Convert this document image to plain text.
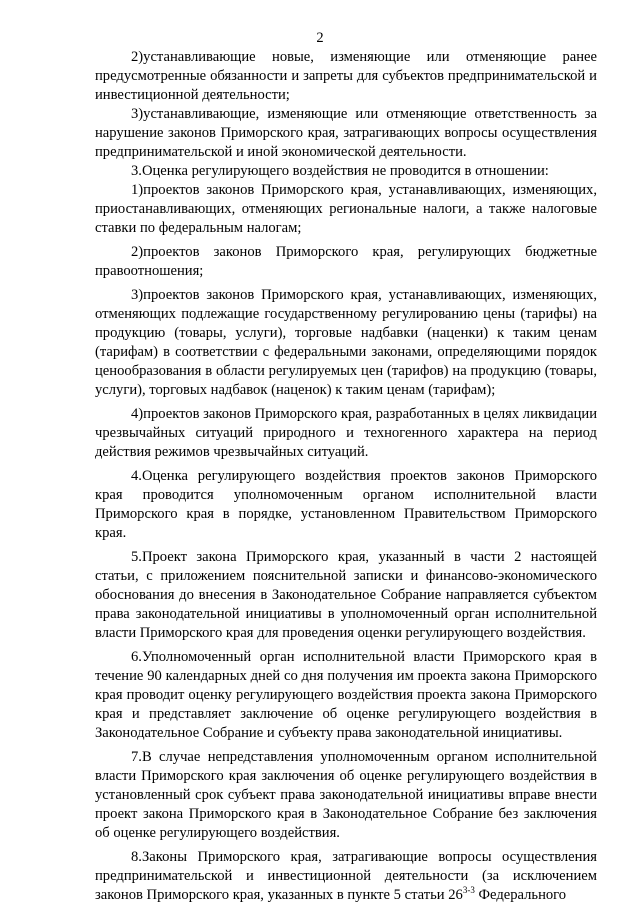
2

2)устанавливающие новые, изменяющие или отменяющие ранее предусмотренные обязанности и запреты для субъектов предпринимательской и инвестиционной деятельности;

3)устанавливающие, изменяющие или отменяющие ответственность за нарушение законов Приморского края, затрагивающих вопросы осуществления предпринимательской и иной экономической деятельности.

3.Оценка регулирующего воздействия не проводится в отношении:

1)проектов законов Приморского края, устанавливающих, изменяющих, приостанавливающих, отменяющих региональные налоги, а также налоговые ставки по федеральным налогам;

2)проектов законов Приморского края, регулирующих бюджетные правоотношения;

3)проектов законов Приморского края, устанавливающих, изменяющих, отменяющих подлежащие государственному регулированию цены (тарифы) на продукцию (товары, услуги), торговые надбавки (наценки) к таким ценам (тарифам) в соответствии с федеральными законами, определяющими порядок ценообразования в области регулируемых цен (тарифов) на продукцию (товары, услуги), торговых надбавок (наценок) к таким ценам (тарифам);

4)проектов законов Приморского края, разработанных в целях ликвидации чрезвычайных ситуаций природного и техногенного характера на период действия режимов чрезвычайных ситуаций.

4.Оценка регулирующего воздействия проектов законов Приморского края проводится уполномоченным органом исполнительной власти Приморского края в порядке, установленном Правительством Приморского края.

5.Проект закона Приморского края, указанный в части 2 настоящей статьи, с приложением пояснительной записки и финансово-экономического обоснования до внесения в Законодательное Собрание направляется субъектом права законодательной инициативы в уполномоченный орган исполнительной власти Приморского края для проведения оценки регулирующего воздействия.

6.Уполномоченный орган исполнительной власти Приморского края в течение 90 календарных дней со дня получения им проекта закона Приморского края проводит оценку регулирующего воздействия проекта закона Приморского края и представляет заключение об оценке регулирующего воздействия в Законодательное Собрание и субъекту права законодательной инициативы.

7.В случае непредставления уполномоченным органом исполнительной власти Приморского края заключения об оценке регулирующего воздействия в установленный срок субъект права законодательной инициативы вправе внести проект закона Приморского края в Законодательное Собрание без заключения об оценке регулирующего воздействия.

8.Законы Приморского края, затрагивающие вопросы осуществления предпринимательской и инвестиционной деятельности (за исключением законов Приморского края, указанных в пункте 5 статьи 26$^{3-3}$ Федерального
